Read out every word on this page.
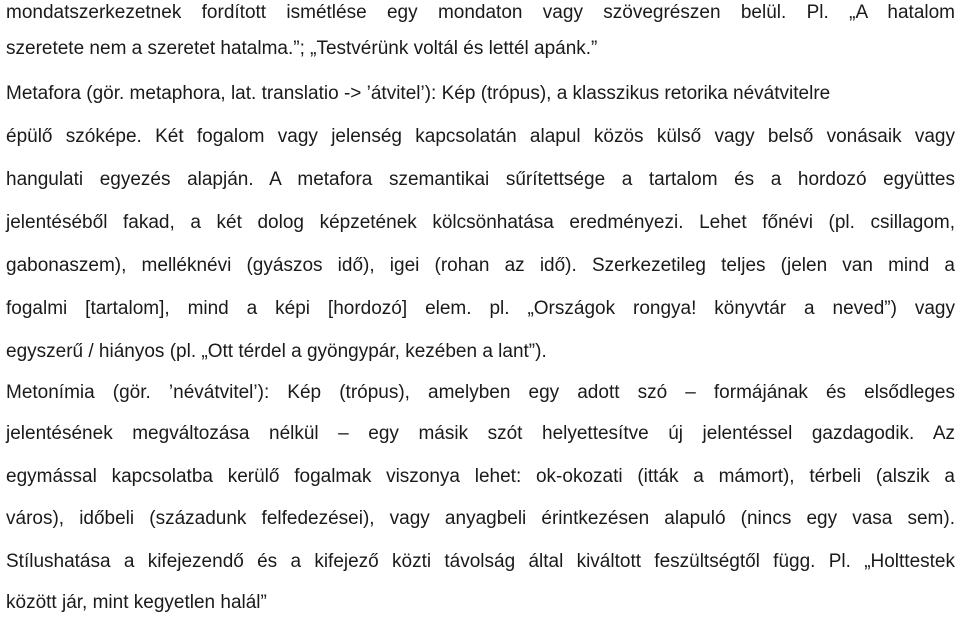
mondatszerkezetnek fordított ismétlése egy mondaton vagy szövegrészen belül. Pl. „A hatalom
szeretete nem a szeretet hatalma.”; „Testvérünk voltál és lettél apánk.”
Metafora (gör. metaphora, lat. translatio -> ’átvitel’): Kép (trópus), a klasszikus retorika névátvitelre
épülő szóképe. Két fogalom vagy jelenség kapcsolatán alapul közös külső vagy belső vonásaik vagy
hangulati egyezés alapján. A metafora szemantikai sűrítettsége a tartalom és a hordozó együttes
jelentéséből fakad, a két dolog képzetének kölcsönhatása eredményezi. Lehet főnévi (pl. csillagom,
gabonaszem), melléknévi (gyászos idő), igei (rohan az idő). Szerkezetileg teljes (jelen van mind a
fogalmi [tartalom], mind a képi [hordozó] elem. pl. „Országok rongya! könyvtár a neved”) vagy
egyszerű / hiányos (pl. „Ott térdel a gyöngypár, kezében a lant”).
Metonímia (gör. ’névátvitel’): Kép (trópus), amelyben egy adott szó – formájának és elsődleges
jelentésének megváltozása nélkül – egy másik szót helyettesítve új jelentéssel gazdagodik. Az
egymással kapcsolatba kerülő fogalmak viszonya lehet: ok-okozati (itták a mámort), térbeli (alszik a
város), időbeli (századunk felfedezései), vagy anyagbeli érintkezésen alapuló (nincs egy vasa sem).
Stílushatása a kifejezendő és a kifejező közti távolság által kiváltott feszültségtől függ. Pl. „Holttestek
között jár, mint kegyetlen halál”
